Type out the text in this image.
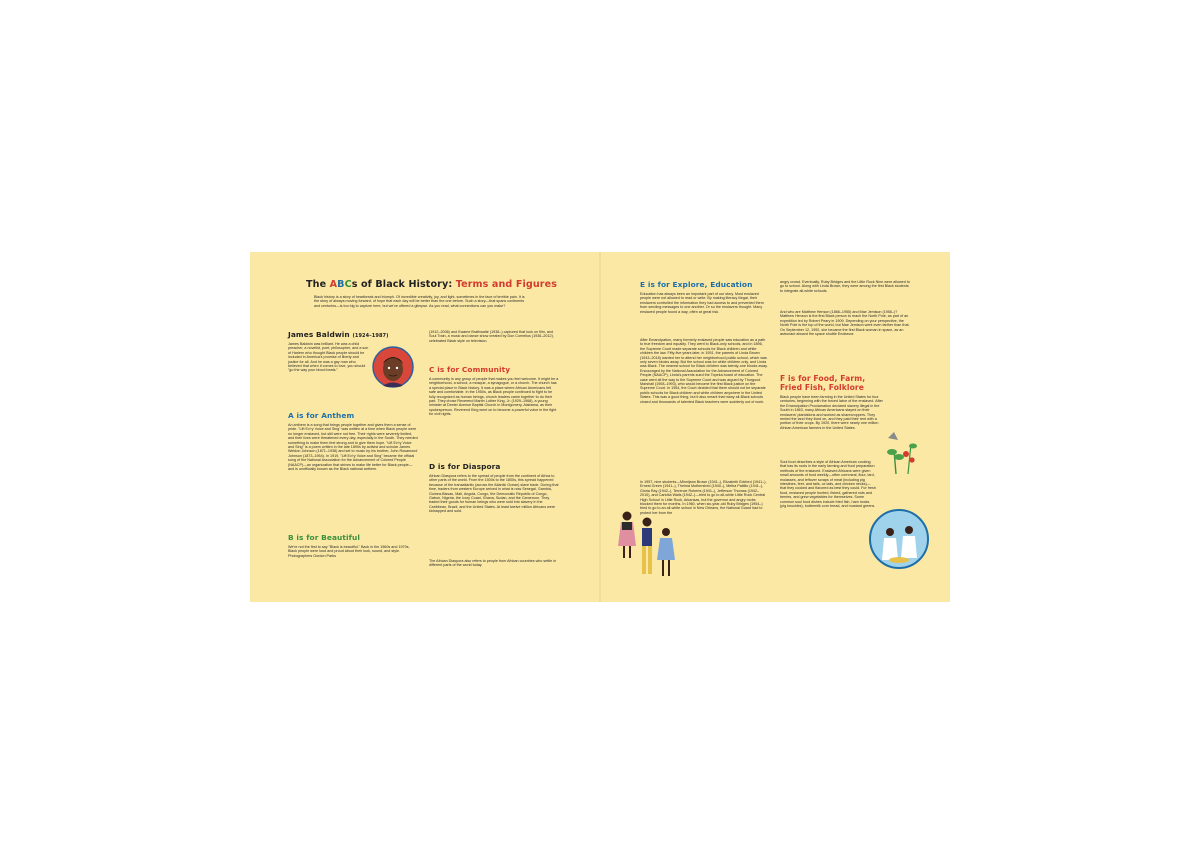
The ABCs of Black History: Terms and Figures
Black history is a story of heartbreak and triumph. Of incredible creativity, joy, and light, sometimes in the face of terrible pain. It is the story of always moving forward, of hope that each day will be better than the one before. Such a story—that spans continents and centuries—is too big to capture here, but we've offered a glimpse. As you read, what connections can you make?
James Baldwin (1924–1987)
James Baldwin was brilliant. He was a child preacher, a novelist, poet, philosopher, and a son of Harlem who thought Black people should be included in America's promise of liberty and justice for all. And he was a gay man who believed that when it comes to love, you should "go the way your blood beats."
A is for Anthem
An anthem is a song that brings people together and gives them a sense of pride. "Lift Ev'ry Voice and Sing" was written at a time when Black people were no longer enslaved, but still were not free. Their rights were severely limited, and their lives were threatened every day, especially in the South. They needed something to make them feel strong and to give them hope. "Lift Ev'ry Voice and Sing" is a poem written in the late 1890s by activist and scholar James Weldon Johnson (1871–1938) and set to music by his brother, John Rosamond Johnson (1873–1954). In 1919, "Lift Ev'ry Voice and Sing" became the official song of the National Association for the Advancement of Colored People (NAACP)—an organization that strives to make life better for Black people—and is unofficially known as the Black national anthem.
B is for Beautiful
We're not the first to say "Black is beautiful." Back in the 1960s and 1970s, Black people were loud and proud about their look, sound, and style. Photographers Gordon Parks
(1912–2006) and Kwame Brathwaite (1938–) captured that look on film, and Soul Train, a music and dance show created by Don Cornelius (1936–2012), celebrated Black style on television.
C is for Community
A community is any group of people that makes you feel welcome. It might be a neighborhood, a school, a mosque, a synagogue, or a church. The church has a special place in Black history. It was a place where African Americans felt safe and comfortable. In the 1950s, as Black people continued to fight to be fully recognized as human beings, church leaders came together to do their part. They chose Reverend Martin Luther King, Jr. (1929–1968), a young minister at Dexter Avenue Baptist Church in Montgomery, Alabama, as their spokesperson. Reverend King went on to become a powerful voice in the fight for civil rights.
D is for Diaspora
African Diaspora refers to the spread of people from the continent of Africa to other parts of the world. From the 1500s to the 1800s, this spread happened because of the transatlantic (across the Atlantic Ocean) slave trade. During that time, traders from western Europe arrived in what is now Senegal, Gambia, Guinea-Bissau, Mali, Angola, Congo, the Democratic Republic of Congo, Gabon, Nigeria, the Ivory Coast, Ghana, Sudan, and the Cameroon. They traded their goods for human beings who were sold into slavery in the Caribbean, Brazil, and the United States. At least twelve million Africans were kidnapped and sold.
The African Diaspora also refers to people from African countries who settle in different parts of the world today.
E is for Explore, Education
Education has always been an important part of our story. Most enslaved people were not allowed to read or write. By making literacy illegal, their enslavers controlled the information they had access to and prevented them from sending messages to one another. Or so the enslavers thought. Many enslaved people found a way, often at great risk.
After Emancipation, many formerly enslaved people saw education as a path to true freedom and equality. They went to Black-only schools, and in 1896, the Supreme Court made separate schools for Black children and white children the law. Fifty-five years later, in 1951, the parents of Linda Brown (1943–2018) wanted her to attend her neighborhood public school, which was only seven blocks away. But the school was for white children only, and Linda was Black. The nearest school for Black children was twenty-one blocks away. Encouraged by the National Association for the Advancement of Colored People (NAACP), Linda's parents sued the Topeka board of education. The case went all the way to the Supreme Court and was argued by Thurgood Marshall (1908–1993), who would become the first Black justice on the Supreme Court. In 1954, the Court decided that there should not be separate public schools for Black children and white children anywhere in the United States. This was a good thing, but it also meant that many all-Black schools closed and thousands of talented Black teachers were suddenly out of work.
In 1957, nine students—Minnijean Brown (1941–), Elizabeth Eckford (1941–), Ernest Green (1941–), Thelma Mothershed (1940–), Melba Pattillo (1941–), Gloria Ray (1942–), Terrence Roberts (1941–), Jefferson Thomas (1942–2010), and Carlotta Walls (1942–)—tried to go to all-white Little Rock Central High School in Little Rock, Arkansas, but the governor and angry mobs blocked them for months. In 1960, when six-year-old Ruby Bridges (1954–) tried to go to an all-white school in New Orleans, the National Guard had to protect her from the
angry crowd. Eventually, Ruby Bridges and the Little Rock Nine were allowed to go to school. Along with Linda Brown, they were among the first Black students to integrate all-white schools.
And who are Matthew Henson (1866–1955) and Mae Jemison (1956–)? Matthew Henson is the first Black person to reach the North Pole, as part of an expedition led by Robert Peary in 1909. Depending on your perspective, the North Pole is the top of the world, but Mae Jemison went even farther than that. On September 12, 1992, she became the first Black woman in space, as an astronaut aboard the space shuttle Endeavor.
F is for Food, Farm,
Fried Fish, Folklore
Black people have been farming in the United States for four centuries, beginning with the forced labor of the enslaved. After the Emancipation Proclamation declared slavery illegal in the South in 1863, many African Americans stayed on their enslavers' plantations and worked as sharecroppers. They rented the land they lived on, and they paid their rent with a portion of their crops. By 1920, there were nearly one million African American farmers in the United States.
Soul food describes a style of African American cooking that has its roots in the early farming and food preparation methods of the enslaved. Enslaved Africans were given small amounts of food weekly—often cornmeal, flour, lard, molasses, and leftover scraps of meat (including pig intestines, feet, and tails, ox tails, and chicken necks)—that they cooked and flavored as best they could. For fresh food, enslaved people hunted, fished, gathered nuts and berries, and grew vegetables for themselves. Some common soul food dishes include fried fish, ham hocks (pig knuckles), buttermilk corn bread, and mustard greens.
